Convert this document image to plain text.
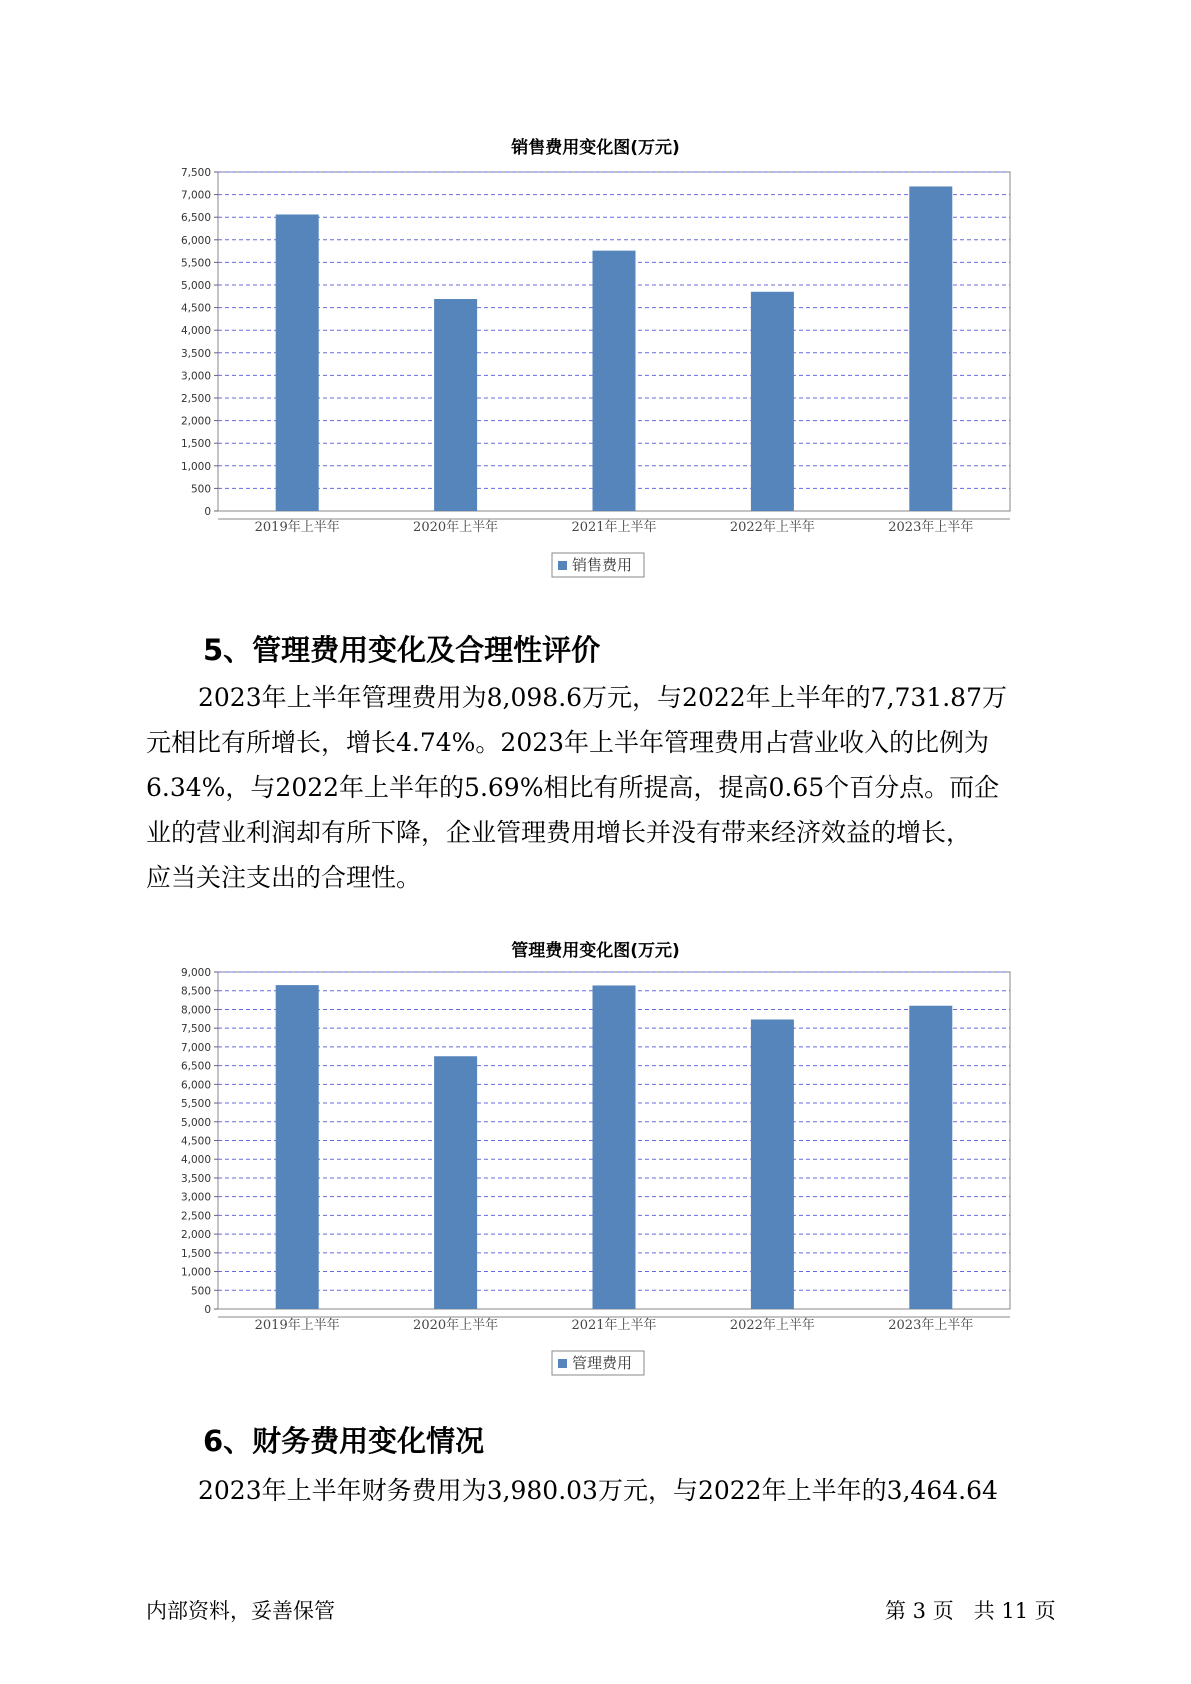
销售费用变化图(万元)
0
500
1,000
1,500
2,000
2,500
3,000
3,500
4,000
4,500
5,000
5,500
6,000
6,500
7,000
7,500
2019年上半年	2020年上半年	2021年上半年	2022年上半年	2023年上半年
销售费用
5、管理费用变化及合理性评价
2023年上半年管理费用为8,098.6万元，与2022年上半年的7,731.87万
元相比有所增长，增长4.74%。2023年上半年管理费用占营业收入的比例为
6.34%，与2022年上半年的5.69%相比有所提高，提高0.65个百分点。而企
业的营业利润却有所下降，企业管理费用增长并没有带来经济效益的增长，
应当关注支出的合理性。
管理费用变化图(万元)
0
500
1,000
1,500
2,000
2,500
3,000
3,500
4,000
4,500
5,000
5,500
6,000
6,500
7,000
7,500
8,000
8,500
9,000
2019年上半年	2020年上半年	2021年上半年	2022年上半年	2023年上半年
管理费用
6、财务费用变化情况
2023年上半年财务费用为3,980.03万元，与2022年上半年的3,464.64
内部资料，妥善保管	第 3 页   共 11 页
